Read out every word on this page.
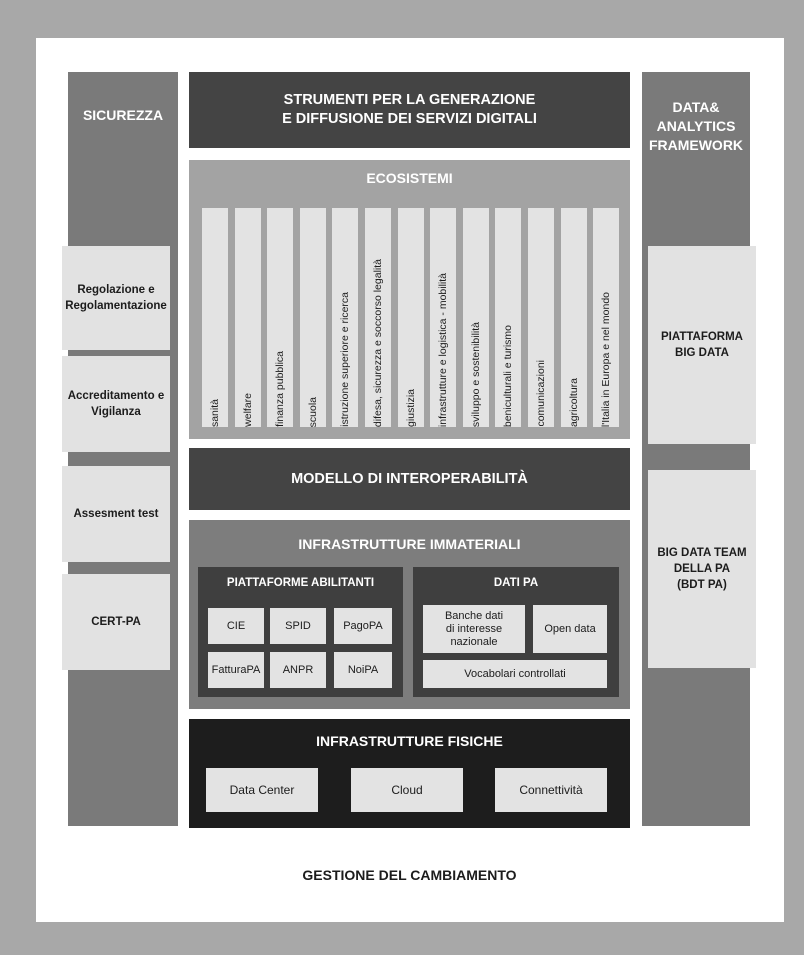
SICUREZZA
Regolazione e Regolamentazione
Accreditamento e Vigilanza
Assesment test
CERT-PA
DATA&
ANALYTICS
FRAMEWORK
PIATTAFORMA
BIG DATA
BIG DATA TEAM
DELLA PA
(BDT PA)
STRUMENTI PER LA GENERAZIONE
E DIFFUSIONE DEI SERVIZI DIGITALI
ECOSISTEMI
sanità welfare finanza pubblica scuola istruzione superiore e ricerca difesa, sicurezza e soccorso legalità giustizia infrastrutture e logistica - mobilità sviluppo e sostenibilità beniculturali e turismo comunicazioni agricoltura l'Italia in Europa e nel mondo
MODELLO DI INTEROPERABILITÀ
INFRASTRUTTURE IMMATERIALI
PIATTAFORME ABILITANTI
CIE	SPID	PagoPA
FatturaPA ANPR	NoiPA
DATI PA
Banche dati
di interesse
nazionale
Open data
Vocabolari controllati
INFRASTRUTTURE FISICHE
Data Center	Cloud	Connettività
GESTIONE DEL CAMBIAMENTO
